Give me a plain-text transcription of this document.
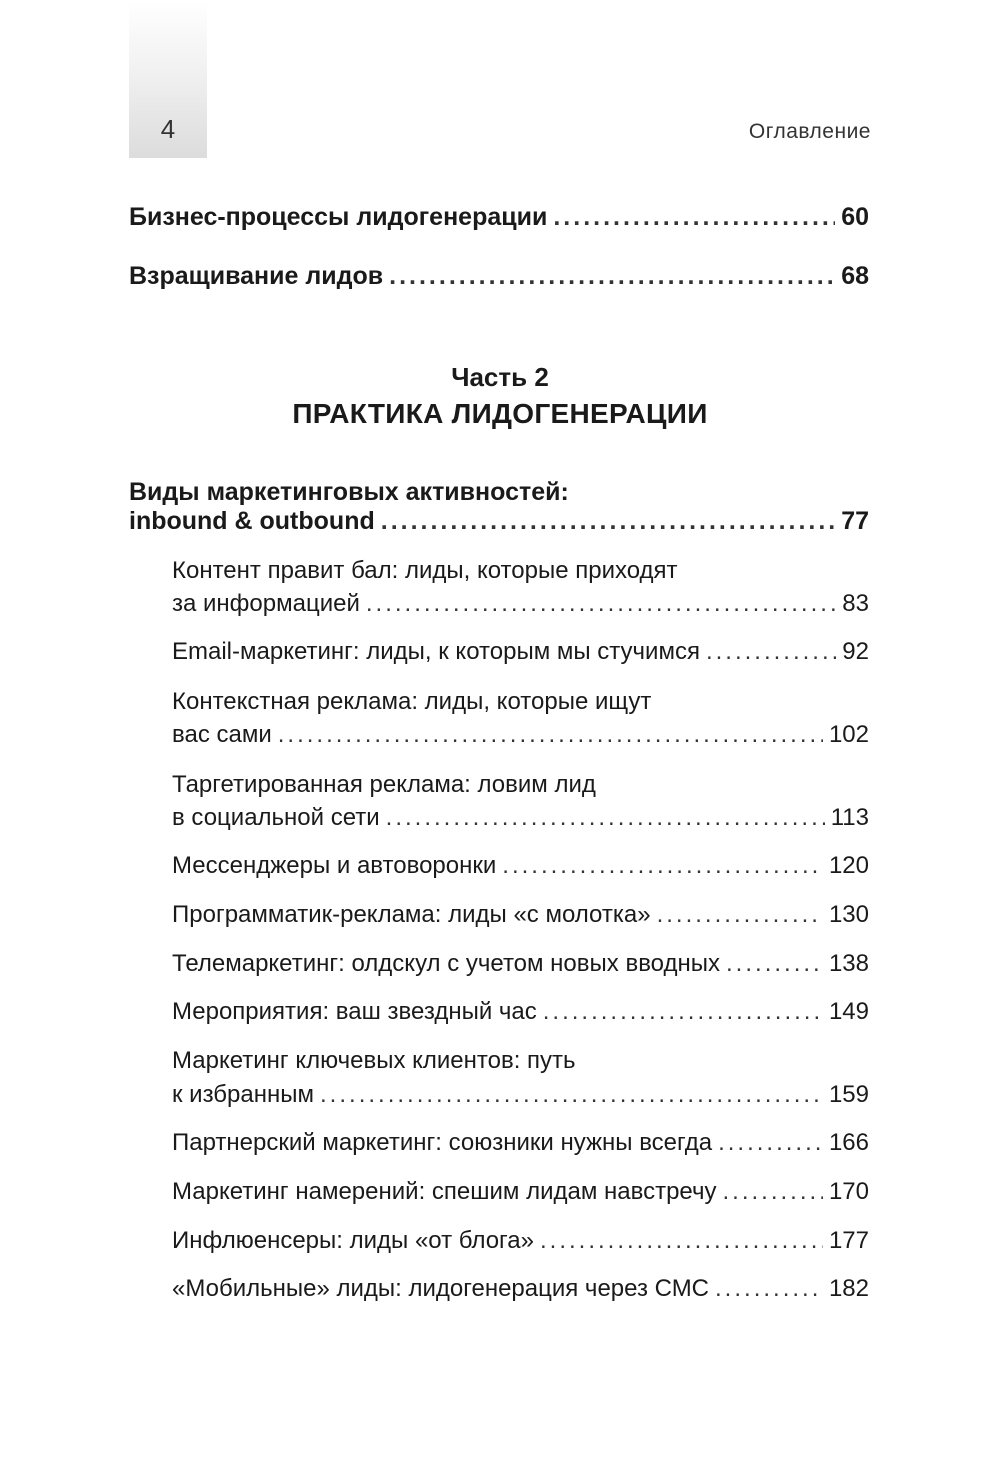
4	Оглавление
Бизнес-процессы лидогенерации .....	60
Взращивание лидов .....	68
Часть 2
ПРАКТИКА ЛИДОГЕНЕРАЦИИ
Виды маркетинговых активностей:
inbound & outbound .....	77
Контент правит бал: лиды, которые приходят
за информацией .....	83
Email-маркетинг: лиды, к которым мы стучимся .....	92
Контекстная реклама: лиды, которые ищут
вас сами .....	102
Таргетированная реклама: ловим лид
в социальной сети .....	113
Мессенджеры и автоворонки .....	120
Программатик-реклама: лиды «с молотка» .....	130
Телемаркетинг: олдскул с учетом новых вводных .....	138
Мероприятия: ваш звездный час .....	149
Маркетинг ключевых клиентов: путь
к избранным .....	159
Партнерский маркетинг: союзники нужны всегда .....	166
Маркетинг намерений: спешим лидам навстречу .....	170
Инфлюенсеры: лиды «от блога» .....	177
«Мобильные» лиды: лидогенерация через СМС .....	182
